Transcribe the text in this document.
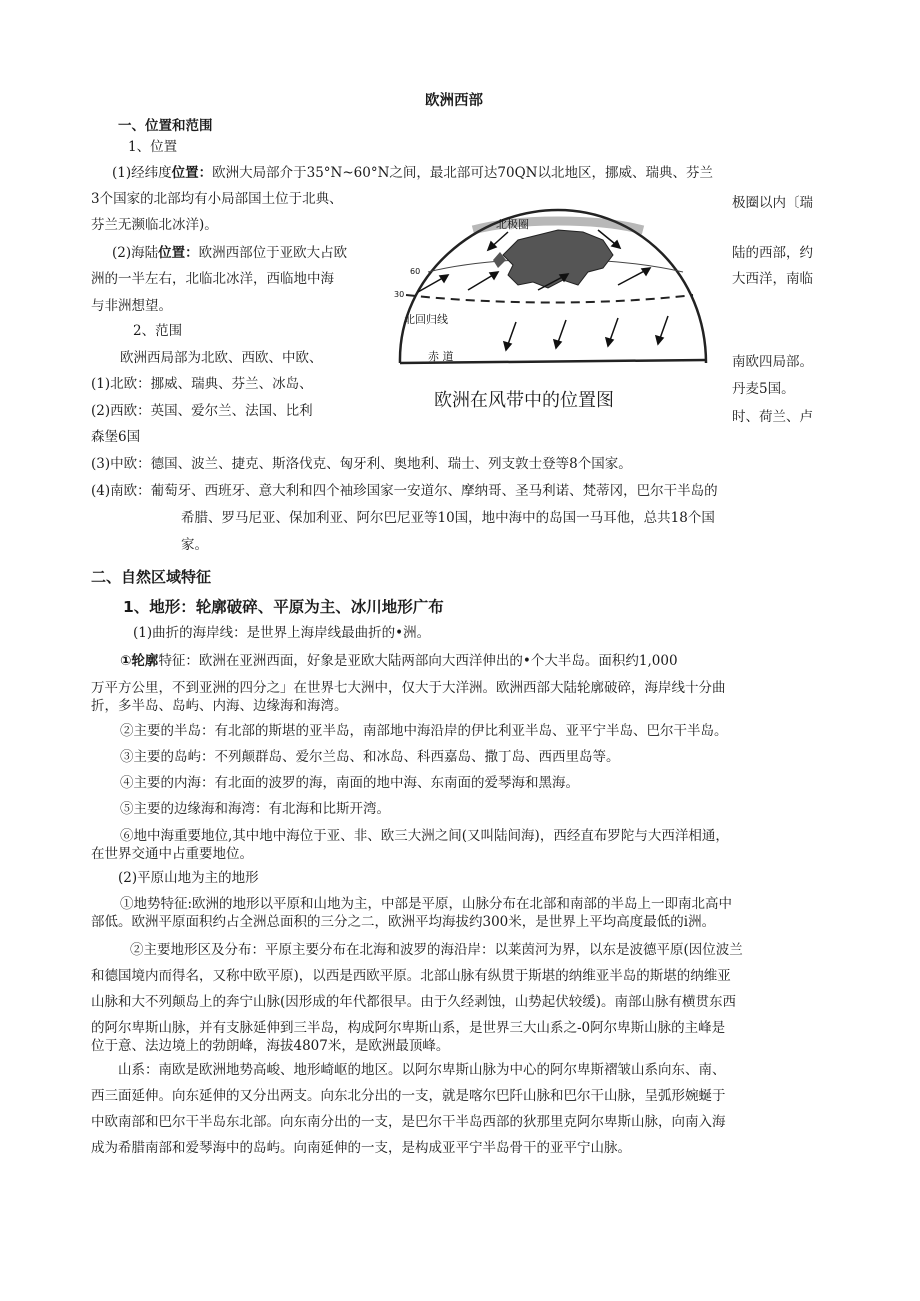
欧洲西部
一、位置和范围
1、位置
(1)经纬度位置：欧洲大局部介于35°N~60°N之间，最北部可达70QN以北地区，挪威、瑞典、芬兰
3个国家的北部均有小局部国土位于北典、	极圈以内〔瑞
芬兰无濒临北冰洋)。
(2)海陆位置：欧洲西部位于亚欧大占欧	陆的西部，约
洲的一半左右，北临北冰洋，西临地中海	大西洋，南临
与非洲想望。
2、范围
欧洲西局部为北欧、西欧、中欧、	南欧四局部。
(1)北欧：挪威、瑞典、芬兰、冰岛、	丹麦5国。
(2)西欧：英国、爱尔兰、法国、比利	时、荷兰、卢
森堡6国
(3)中欧：德国、波兰、捷克、斯洛伐克、匈牙利、奥地利、瑞士、列支敦士登等8个国家。
(4)南欧：葡萄牙、西班牙、意大利和四个袖珍国家一安道尔、摩纳哥、圣马利诺、梵蒂冈，巴尔干半岛的
希腊、罗马尼亚、保加利亚、阿尔巴尼亚等10国，地中海中的岛国一马耳他，总共18个国
家。
北极圈
北回归线
赤 道
60
30
欧洲在风带中的位置图
二、自然区域特征
1、地形：轮廓破碎、平原为主、冰川地形广布
(1)曲折的海岸线：是世界上海岸线最曲折的•洲。
①轮廓特征：欧洲在亚洲西面，好象是亚欧大陆两部向大西洋伸出的•个大半岛。面积约1,000
万平方公里，不到亚洲的四分之」在世界七大洲中，仅大于大洋洲。欧洲西部大陆轮廓破碎，海岸线十分曲
折，多半岛、岛屿、内海、边缘海和海湾。
②主要的半岛：有北部的斯堪的亚半岛，南部地中海沿岸的伊比利亚半岛、亚平宁半岛、巴尔干半岛。
③主要的岛屿：不列颠群岛、爱尔兰岛、和冰岛、科西嘉岛、撒丁岛、西西里岛等。
④主要的内海：有北面的波罗的海，南面的地中海、东南面的爱琴海和黑海。
⑤主要的边缘海和海湾：有北海和比斯开湾。
⑥地中海重要地位,其中地中海位于亚、非、欧三大洲之间(又叫陆间海)，西经直布罗陀与大西洋相通，
在世界交通中占重要地位。
(2)平原山地为主的地形
①地势特征:欧洲的地形以平原和山地为主，中部是平原，山脉分布在北部和南部的半岛上一即南北高中
部低。欧洲平原面积约占全洲总面积的三分之二，欧洲平均海拔约300米，是世界上平均高度最低的i洲。
②主要地形区及分布：平原主要分布在北海和波罗的海沿岸：以莱茵河为界，以东是波德平原(因位波兰
和德国境内而得名，又称中欧平原)，以西是西欧平原。北部山脉有纵贯于斯堪的纳维亚半岛的斯堪的纳维亚
山脉和大不列颠岛上的奔宁山脉(因形成的年代都很早。由于久经剥蚀，山势起伏较缓)。南部山脉有横贯东西
的阿尔卑斯山脉，并有支脉延伸到三半岛，构成阿尔卑斯山系，是世界三大山系之-0阿尔卑斯山脉的主峰是
位于意、法边境上的勃朗峰，海拔4807米，是欧洲最顶峰。
山系：南欧是欧洲地势高峻、地形崎岖的地区。以阿尔卑斯山脉为中心的阿尔卑斯褶皱山系向东、南、
西三面延伸。向东延伸的又分出两支。向东北分出的一支，就是喀尔巴阡山脉和巴尔干山脉，呈弧形婉蜒于
中欧南部和巴尔干半岛东北部。向东南分出的一支，是巴尔干半岛西部的狄那里克阿尔卑斯山脉，向南入海
成为希腊南部和爱琴海中的岛屿。向南延伸的一支，是构成亚平宁半岛骨干的亚平宁山脉。
